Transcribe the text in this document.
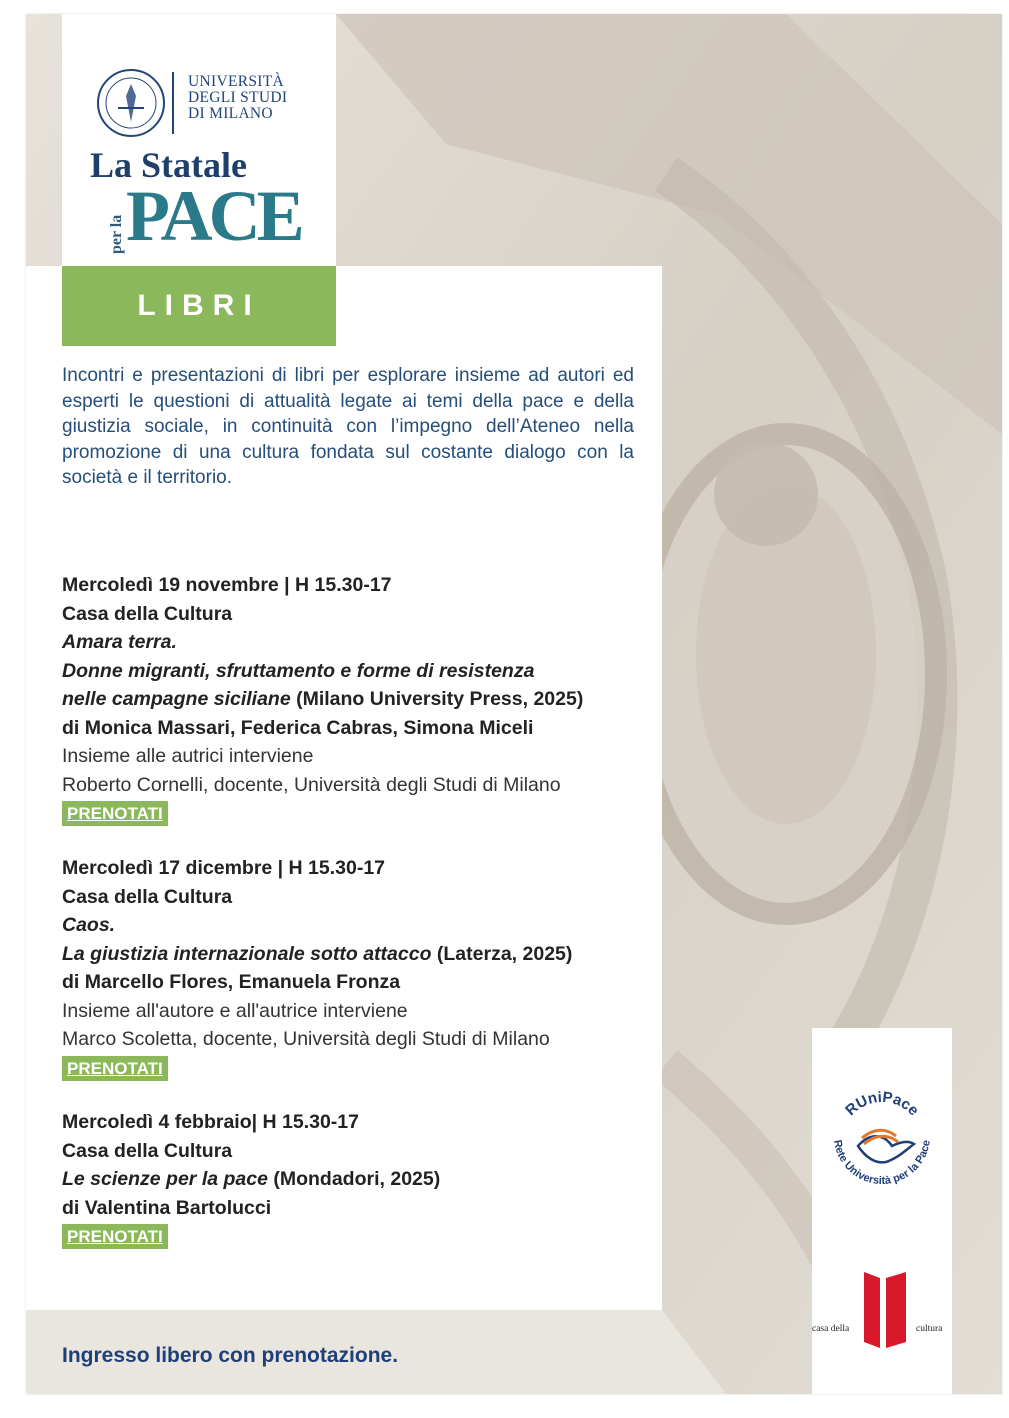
UNIVERSITÀ
DEGLI STUDI
DI MILANO
La Statale
per la PACE
LIBRI

Incontri e presentazioni di libri per esplorare insieme ad autori ed esperti le questioni di attualità legate ai temi della pace e della giustizia sociale, in continuità con l’impegno dell’Ateneo nella promozione di una cultura fondata sul costante dialogo con la società e il territorio.

Mercoledì 19 novembre | H 15.30-17
Casa della Cultura
Amara terra.
Donne migranti, sfruttamento e forme di resistenza
nelle campagne siciliane (Milano University Press, 2025)
di Monica Massari, Federica Cabras, Simona Miceli
Insieme alle autrici interviene
Roberto Cornelli, docente, Università degli Studi di Milano
PRENOTATI
Mercoledì 17 dicembre | H 15.30-17
Casa della Cultura
Caos.
La giustizia internazionale sotto attacco (Laterza, 2025)
di Marcello Flores, Emanuela Fronza
Insieme all'autore e all'autrice interviene
Marco Scoletta, docente, Università degli Studi di Milano
PRENOTATI
Mercoledì 4 febbraio| H 15.30-17
Casa della Cultura
Le scienze per la pace (Mondadori, 2025)
di Valentina Bartolucci
PRENOTATI
Ingresso libero con prenotazione.
RUniPace
Rete Università per la Pace
casa della	cultura
